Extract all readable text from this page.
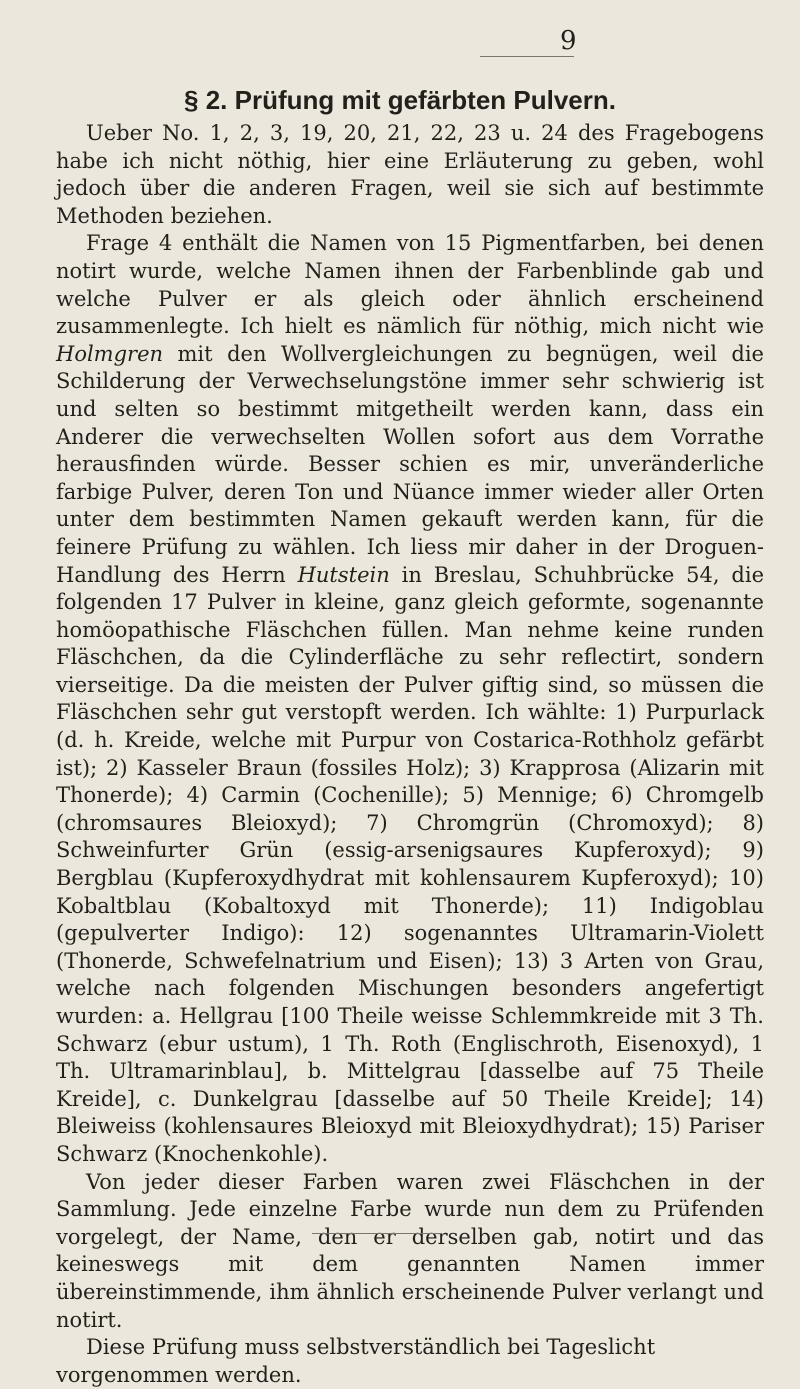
9
§ 2. Prüfung mit gefärbten Pulvern.

Ueber No. 1, 2, 3, 19, 20, 21, 22, 23 u. 24 des Fragebogens habe ich nicht nöthig, hier eine Erläuterung zu geben, wohl jedoch über die anderen Fragen, weil sie sich auf bestimmte Methoden beziehen.

Frage 4 enthält die Namen von 15 Pigmentfarben, bei denen notirt wurde, welche Namen ihnen der Farbenblinde gab und welche Pulver er als gleich oder ähnlich erscheinend zusammenlegte. Ich hielt es nämlich für nöthig, mich nicht wie Holmgren mit den Wollvergleichungen zu begnügen, weil die Schilderung der Verwechselungstöne immer sehr schwierig ist und selten so bestimmt mitgetheilt werden kann, dass ein Anderer die verwechselten Wollen sofort aus dem Vorrathe herausfinden würde. Besser schien es mir, unveränderliche farbige Pulver, deren Ton und Nüance immer wieder aller Orten unter dem bestimmten Namen gekauft werden kann, für die feinere Prüfung zu wählen. Ich liess mir daher in der Droguen-Handlung des Herrn Hutstein in Breslau, Schuhbrücke 54, die folgenden 17 Pulver in kleine, ganz gleich geformte, sogenannte homöopathische Fläschchen füllen. Man nehme keine runden Fläschchen, da die Cylinderfläche zu sehr reflectirt, sondern vierseitige. Da die meisten der Pulver giftig sind, so müssen die Fläschchen sehr gut verstopft werden. Ich wählte: 1) Purpurlack (d. h. Kreide, welche mit Purpur von Costarica-Rothholz gefärbt ist); 2) Kasseler Braun (fossiles Holz); 3) Krapprosa (Alizarin mit Thonerde); 4) Carmin (Cochenille); 5) Mennige; 6) Chromgelb (chromsaures Bleioxyd); 7) Chromgrün (Chromoxyd); 8) Schweinfurter Grün (essig-arsenigsaures Kupferoxyd); 9) Bergblau (Kupferoxydhydrat mit kohlensaurem Kupferoxyd); 10) Kobaltblau (Kobaltoxyd mit Thonerde); 11) Indigoblau (gepulverter Indigo): 12) sogenanntes Ultramarin-Violett (Thonerde, Schwefelnatrium und Eisen); 13) 3 Arten von Grau, welche nach folgenden Mischungen besonders angefertigt wurden: a. Hellgrau [100 Theile weisse Schlemmkreide mit 3 Th. Schwarz (ebur ustum), 1 Th. Roth (Englischroth, Eisenoxyd), 1 Th. Ultramarinblau], b. Mittelgrau [dasselbe auf 75 Theile Kreide], c. Dunkelgrau [dasselbe auf 50 Theile Kreide]; 14) Bleiweiss (kohlensaures Bleioxyd mit Bleioxydhydrat); 15) Pariser Schwarz (Knochenkohle).

Von jeder dieser Farben waren zwei Fläschchen in der Sammlung. Jede einzelne Farbe wurde nun dem zu Prüfenden vorgelegt, der Name, den er derselben gab, notirt und das keineswegs mit dem genannten Namen immer übereinstimmende, ihm ähnlich erscheinende Pulver verlangt und notirt.

Diese Prüfung muss selbstverständlich bei Tageslicht vorgenommen werden.
